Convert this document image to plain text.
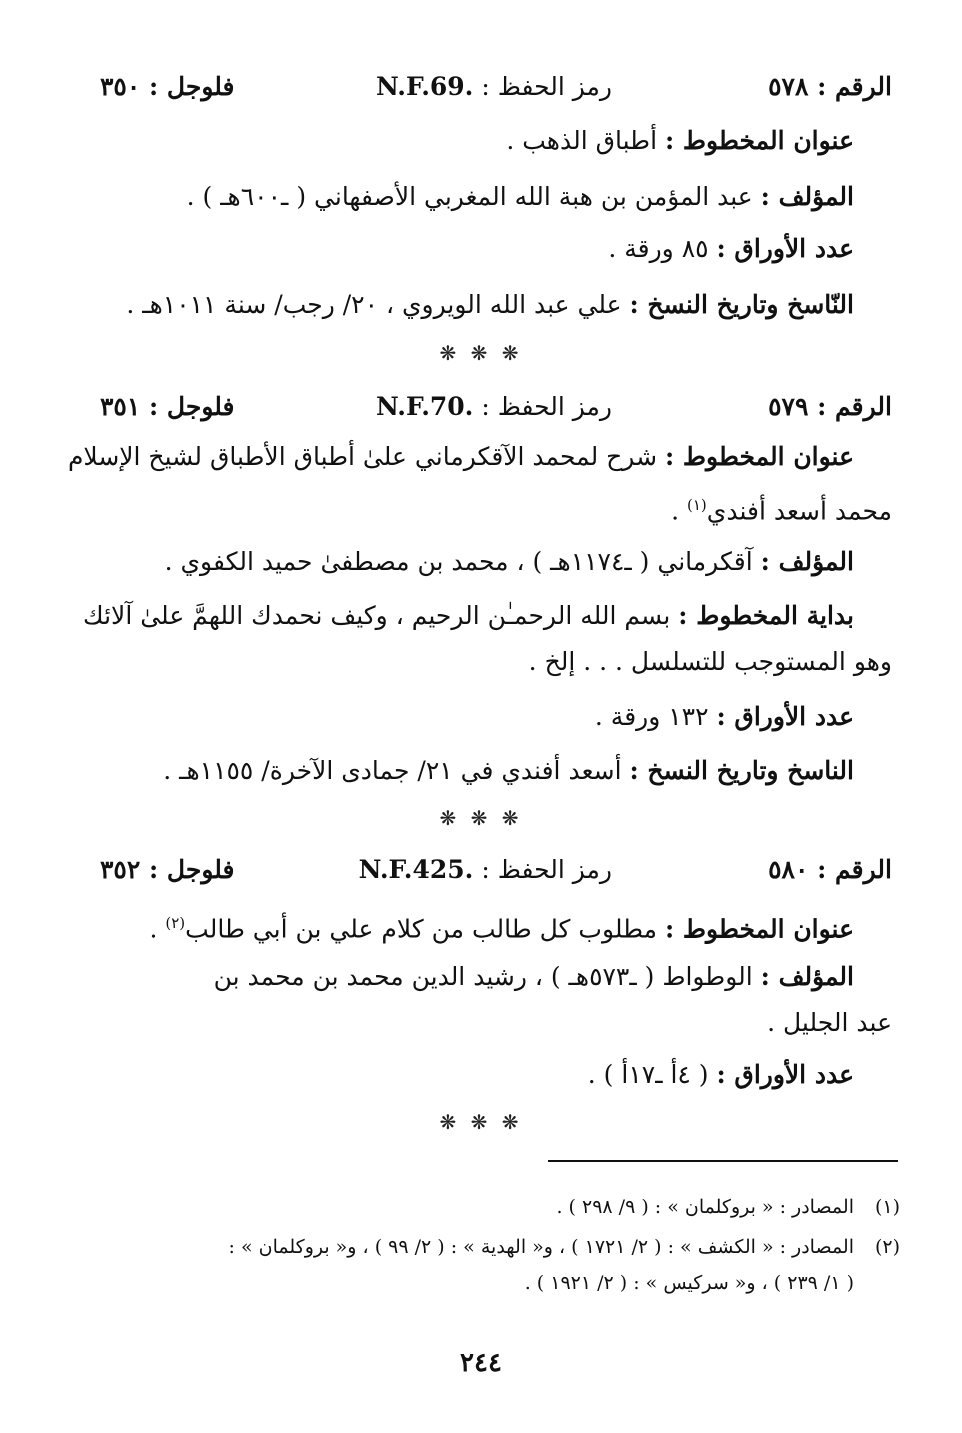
الرقم : ٥٧٨
رمز الحفظ : N.F.69.
فلوجل : ٣٥٠
عنوان المخطوط : أطباق الذهب .
المؤلف : عبد المؤمن بن هبة الله المغربي الأصفهاني ( ـ٦٠٠هـ ) .
عدد الأوراق : ٨٥ ورقة .
النّاسخ وتاريخ النسخ : علي عبد الله الويروي ، ٢٠/ رجب/ سنة ١٠١١هـ .
❋ ❋ ❋
الرقم : ٥٧٩
رمز الحفظ : N.F.70.
فلوجل : ٣٥١
عنوان المخطوط : شرح لمحمد الآقكرماني علىٰ أطباق الأطباق لشيخ الإسلام
محمد أسعد أفندي$^{(١)}$ .
المؤلف : آقكرماني ( ـ١١٧٤هـ ) ، محمد بن مصطفىٰ حميد الكفوي .
بداية المخطوط : بسم الله الرحمـٰن الرحيم ، وكيف نحمدك اللهمَّ علىٰ آلائك
وهو المستوجب للتسلسل . . . إلخ .
عدد الأوراق : ١٣٢ ورقة .
الناسخ وتاريخ النسخ : أسعد أفندي في ٢١/ جمادى الآخرة/ ١١٥٥هـ .
❋ ❋ ❋
الرقم : ٥٨٠
رمز الحفظ : N.F.425.
فلوجل : ٣٥٢
عنوان المخطوط : مطلوب كل طالب من كلام علي بن أبي طالب$^{(٢)}$ .
المؤلف : الوطواط ( ـ٥٧٣هـ ) ، رشيد الدين محمد بن محمد بن
عبد الجليل .
عدد الأوراق : ( ٤أ ـ١٧أ ) .
❋ ❋ ❋
(١)المصادر : « بروكلمان » : ( ٩/ ٢٩٨ ) .
(٢)المصادر : « الكشف » : ( ٢/ ١٧٢١ ) ، و« الهدية » : ( ٢/ ٩٩ ) ، و« بروكلمان » :
( ١/ ٢٣٩ ) ، و« سركيس » : ( ٢/ ١٩٢١ ) .
٢٤٤
